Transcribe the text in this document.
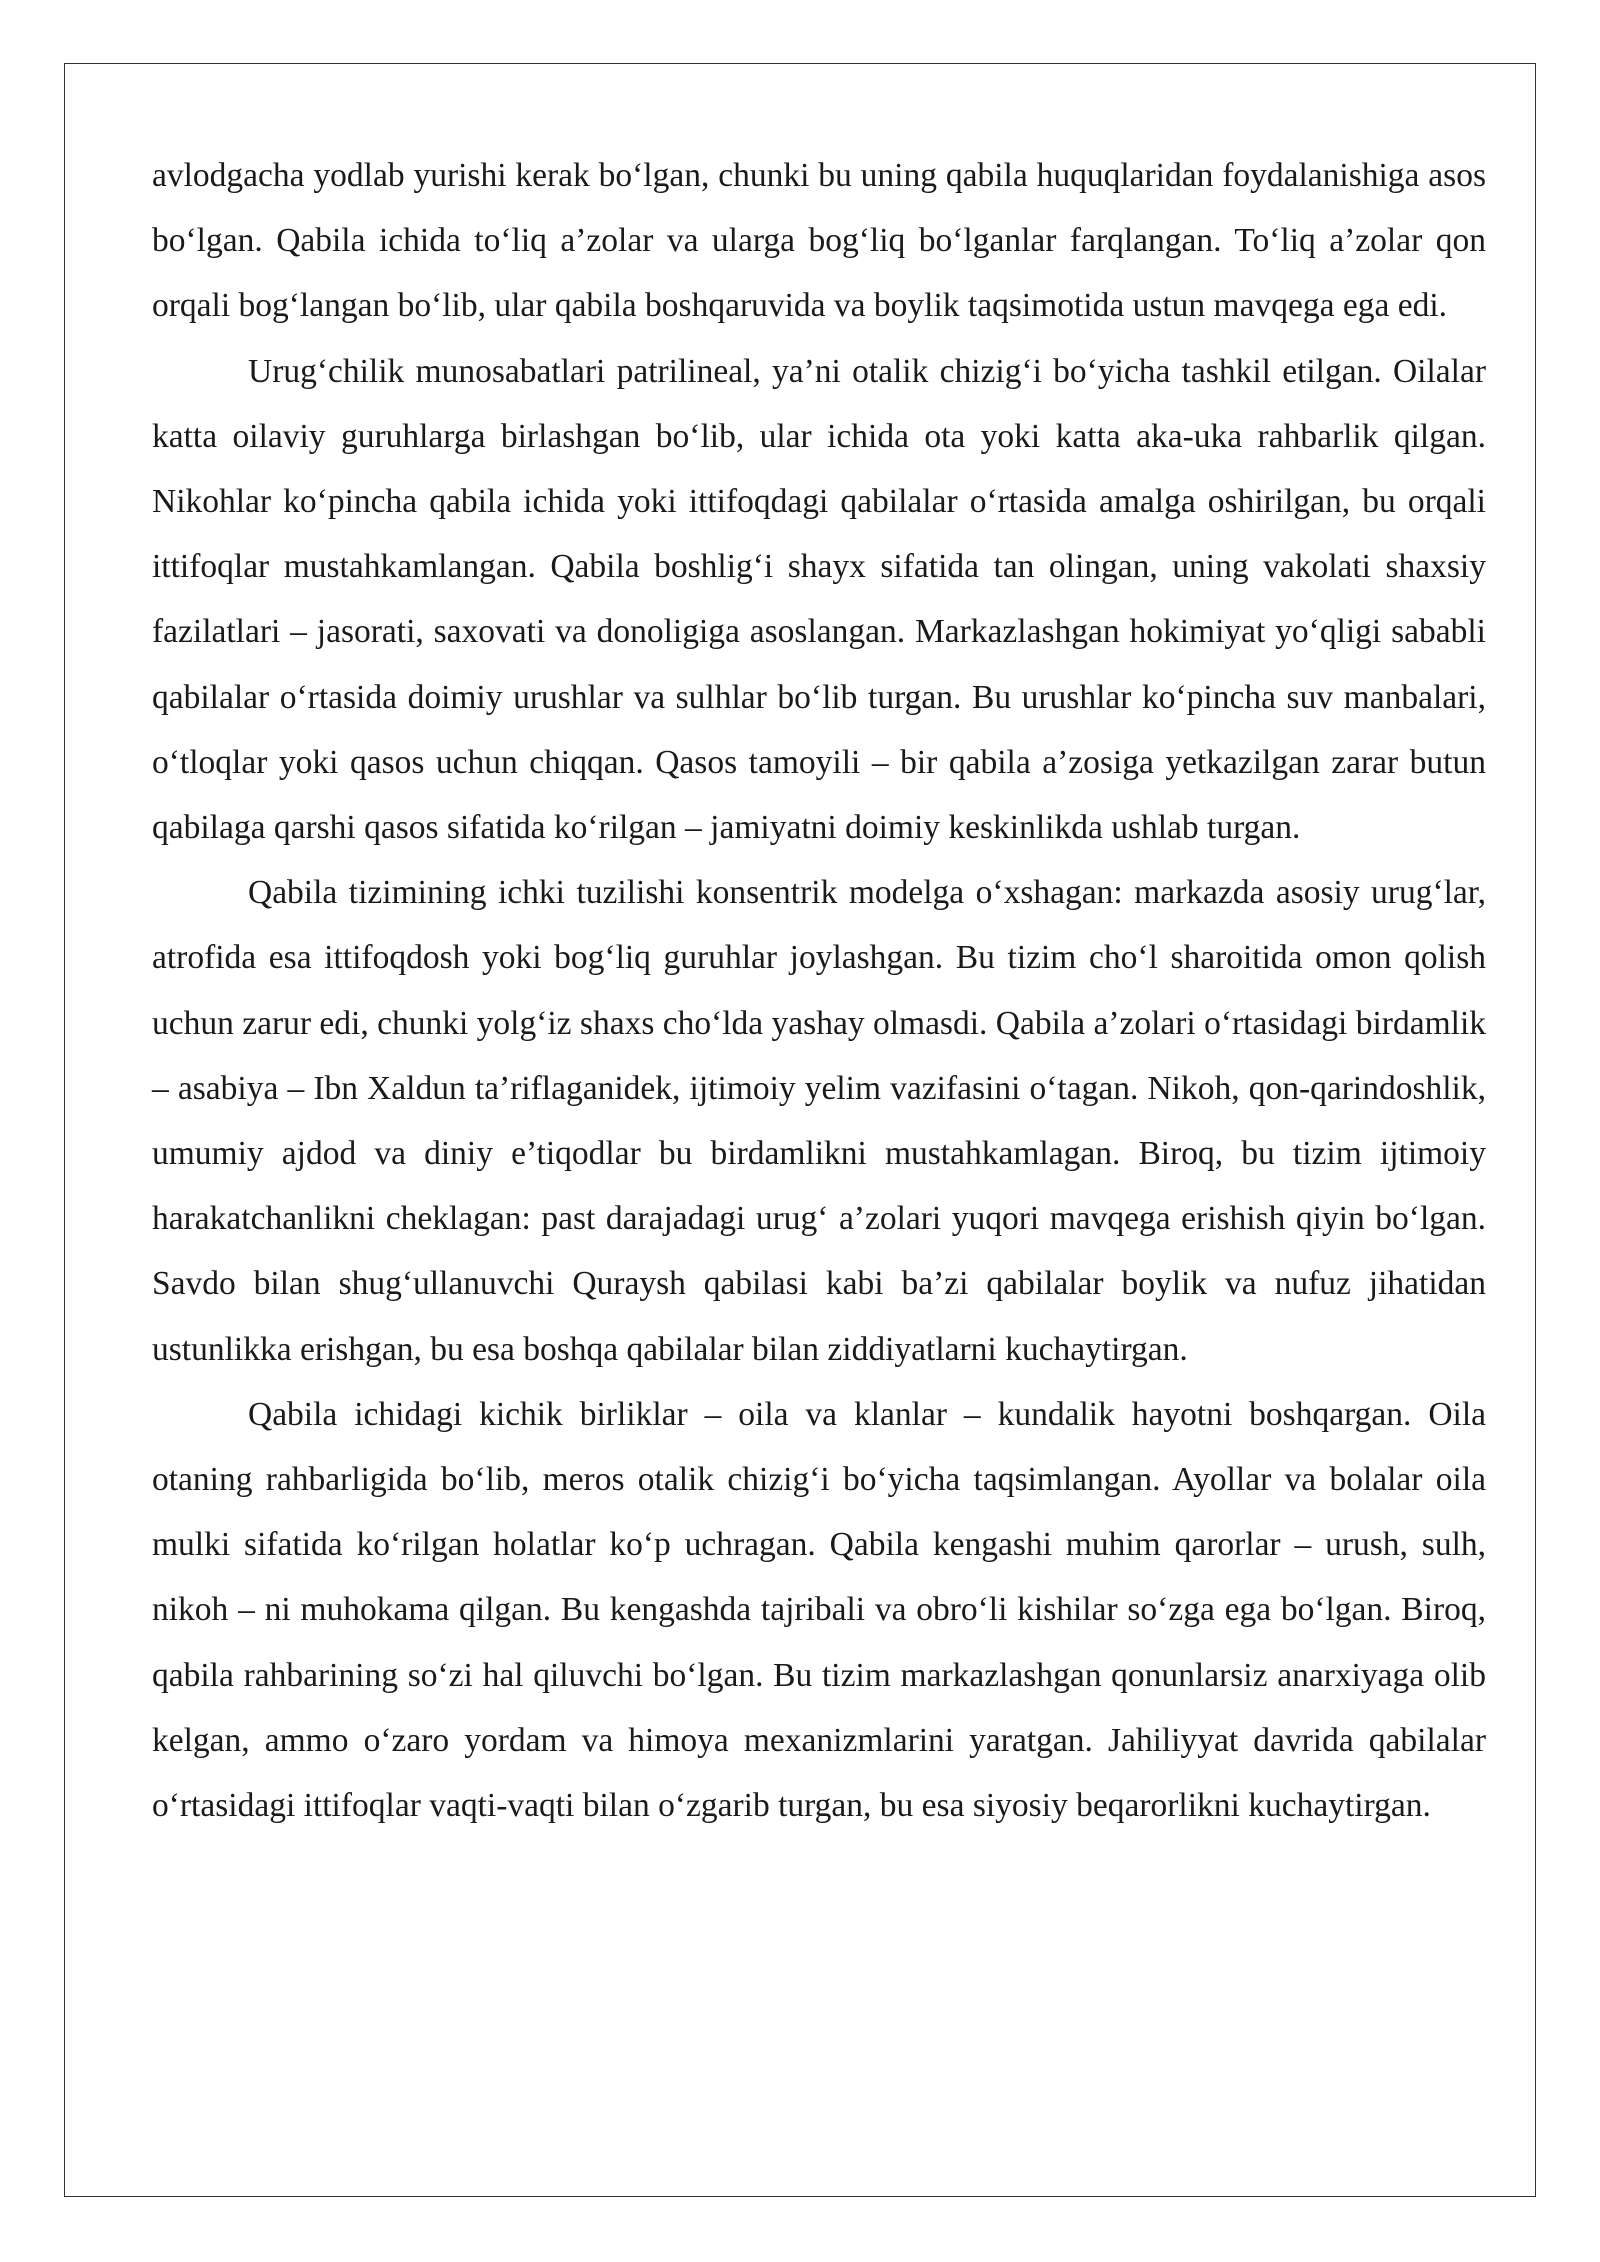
avlodgacha yodlab yurishi kerak bo‘lgan, chunki bu uning qabila huquqlaridan foydalanishiga asos bo‘lgan. Qabila ichida to‘liq a’zolar va ularga bog‘liq bo‘lganlar farqlangan. To‘liq a’zolar qon orqali bog‘langan bo‘lib, ular qabila boshqaruvida va boylik taqsimotida ustun mavqega ega edi.

Urug‘chilik munosabatlari patrilineal, ya’ni otalik chizig‘i bo‘yicha tashkil etilgan. Oilalar katta oilaviy guruhlarga birlashgan bo‘lib, ular ichida ota yoki katta aka-uka rahbarlik qilgan. Nikohlar ko‘pincha qabila ichida yoki ittifoqdagi qabilalar o‘rtasida amalga oshirilgan, bu orqali ittifoqlar mustahkamlangan. Qabila boshlig‘i shayx sifatida tan olingan, uning vakolati shaxsiy fazilatlari – jasorati, saxovati va donoligiga asoslangan. Markazlashgan hokimiyat yo‘qligi sababli qabilalar o‘rtasida doimiy urushlar va sulhlar bo‘lib turgan. Bu urushlar ko‘pincha suv manbalari, o‘tloqlar yoki qasos uchun chiqqan. Qasos tamoyili – bir qabila a’zosiga yetkazilgan zarar butun qabilaga qarshi qasos sifatida ko‘rilgan – jamiyatni doimiy keskinlikda ushlab turgan.

Qabila tizimining ichki tuzilishi konsentrik modelga o‘xshagan: markazda asosiy urug‘lar, atrofida esa ittifoqdosh yoki bog‘liq guruhlar joylashgan. Bu tizim cho‘l sharoitida omon qolish uchun zarur edi, chunki yolg‘iz shaxs cho‘lda yashay olmasdi. Qabila a’zolari o‘rtasidagi birdamlik – asabiya – Ibn Xaldun ta’riflaganidek, ijtimoiy yelim vazifasini o‘tagan. Nikoh, qon-qarindoshlik, umumiy ajdod va diniy e’tiqodlar bu birdamlikni mustahkamlagan. Biroq, bu tizim ijtimoiy harakatchanlikni cheklagan: past darajadagi urug‘ a’zolari yuqori mavqega erishish qiyin bo‘lgan. Savdo bilan shug‘ullanuvchi Quraysh qabilasi kabi ba’zi qabilalar boylik va nufuz jihatidan ustunlikka erishgan, bu esa boshqa qabilalar bilan ziddiyatlarni kuchaytirgan.

Qabila ichidagi kichik birliklar – oila va klanlar – kundalik hayotni boshqargan. Oila otaning rahbarligida bo‘lib, meros otalik chizig‘i bo‘yicha taqsimlangan. Ayollar va bolalar oila mulki sifatida ko‘rilgan holatlar ko‘p uchragan. Qabila kengashi muhim qarorlar – urush, sulh, nikoh – ni muhokama qilgan. Bu kengashda tajribali va obro‘li kishilar so‘zga ega bo‘lgan. Biroq, qabila rahbarining so‘zi hal qiluvchi bo‘lgan. Bu tizim markazlashgan qonunlarsiz anarxiyaga olib kelgan, ammo o‘zaro yordam va himoya mexanizmlarini yaratgan. Jahiliyyat davrida qabilalar o‘rtasidagi ittifoqlar vaqti-vaqti bilan o‘zgarib turgan, bu esa siyosiy beqarorlikni kuchaytirgan.
